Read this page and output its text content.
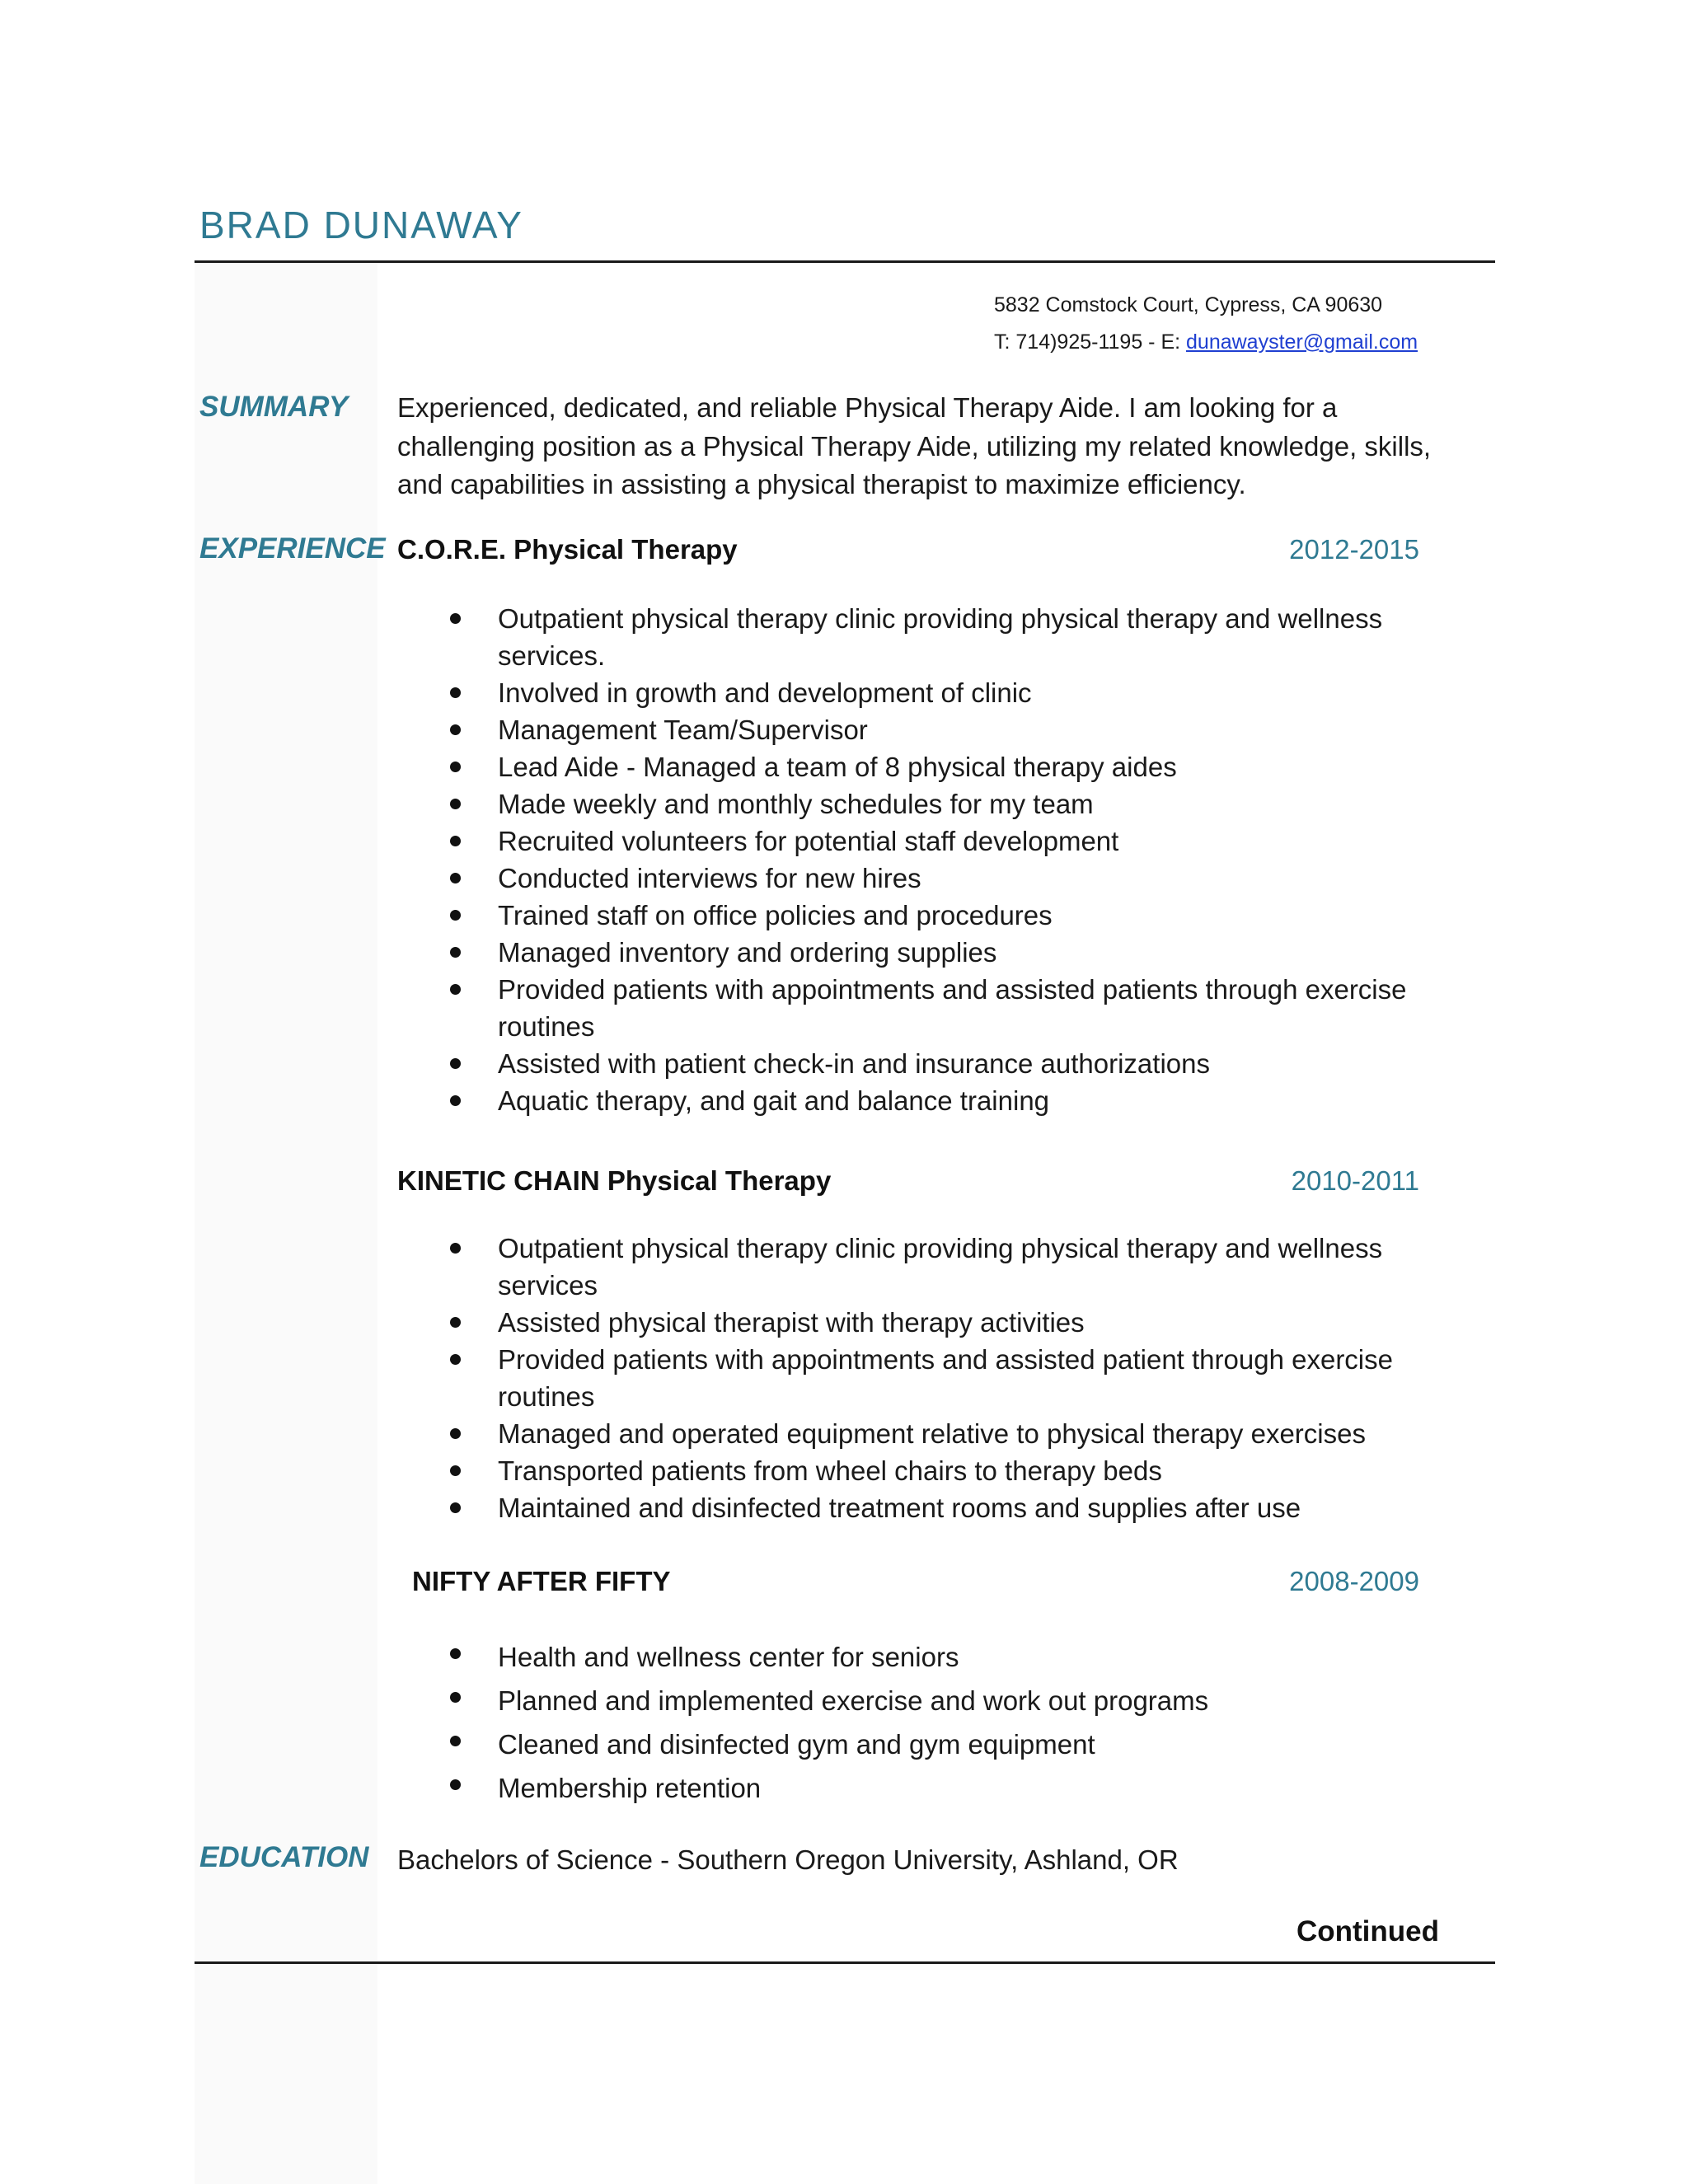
BRAD DUNAWAY
5832 Comstock Court, Cypress, CA 90630
T: 714)925-1195 - E: dunawayster@gmail.com
SUMMARY Experienced, dedicated, and reliable Physical Therapy Aide. I am looking for a challenging position as a Physical Therapy Aide, utilizing my related knowledge, skills, and capabilities in assisting a physical therapist to maximize efficiency.
EXPERIENCE C.O.R.E. Physical Therapy	2012-2015
Outpatient physical therapy clinic providing physical therapy and wellness services.
Involved in growth and development of clinic
Management Team/Supervisor
Lead Aide - Managed a team of 8 physical therapy aides
Made weekly and monthly schedules for my team
Recruited volunteers for potential staff development
Conducted interviews for new hires
Trained staff on office policies and procedures
Managed inventory and ordering supplies
Provided patients with appointments and assisted patients through exercise routines
Assisted with patient check-in and insurance authorizations
Aquatic therapy, and gait and balance training
KINETIC CHAIN Physical Therapy	2010-2011
Outpatient physical therapy clinic providing physical therapy and wellness services
Assisted physical therapist with therapy activities
Provided patients with appointments and assisted patient through exercise routines
Managed and operated equipment relative to physical therapy exercises
Transported patients from wheel chairs to therapy beds
Maintained and disinfected treatment rooms and supplies after use
NIFTY AFTER FIFTY	2008-2009
Health and wellness center for seniors
Planned and implemented exercise and work out programs
Cleaned and disinfected gym and gym equipment
Membership retention
EDUCATION Bachelors of Science - Southern Oregon University, Ashland, OR
Continued
